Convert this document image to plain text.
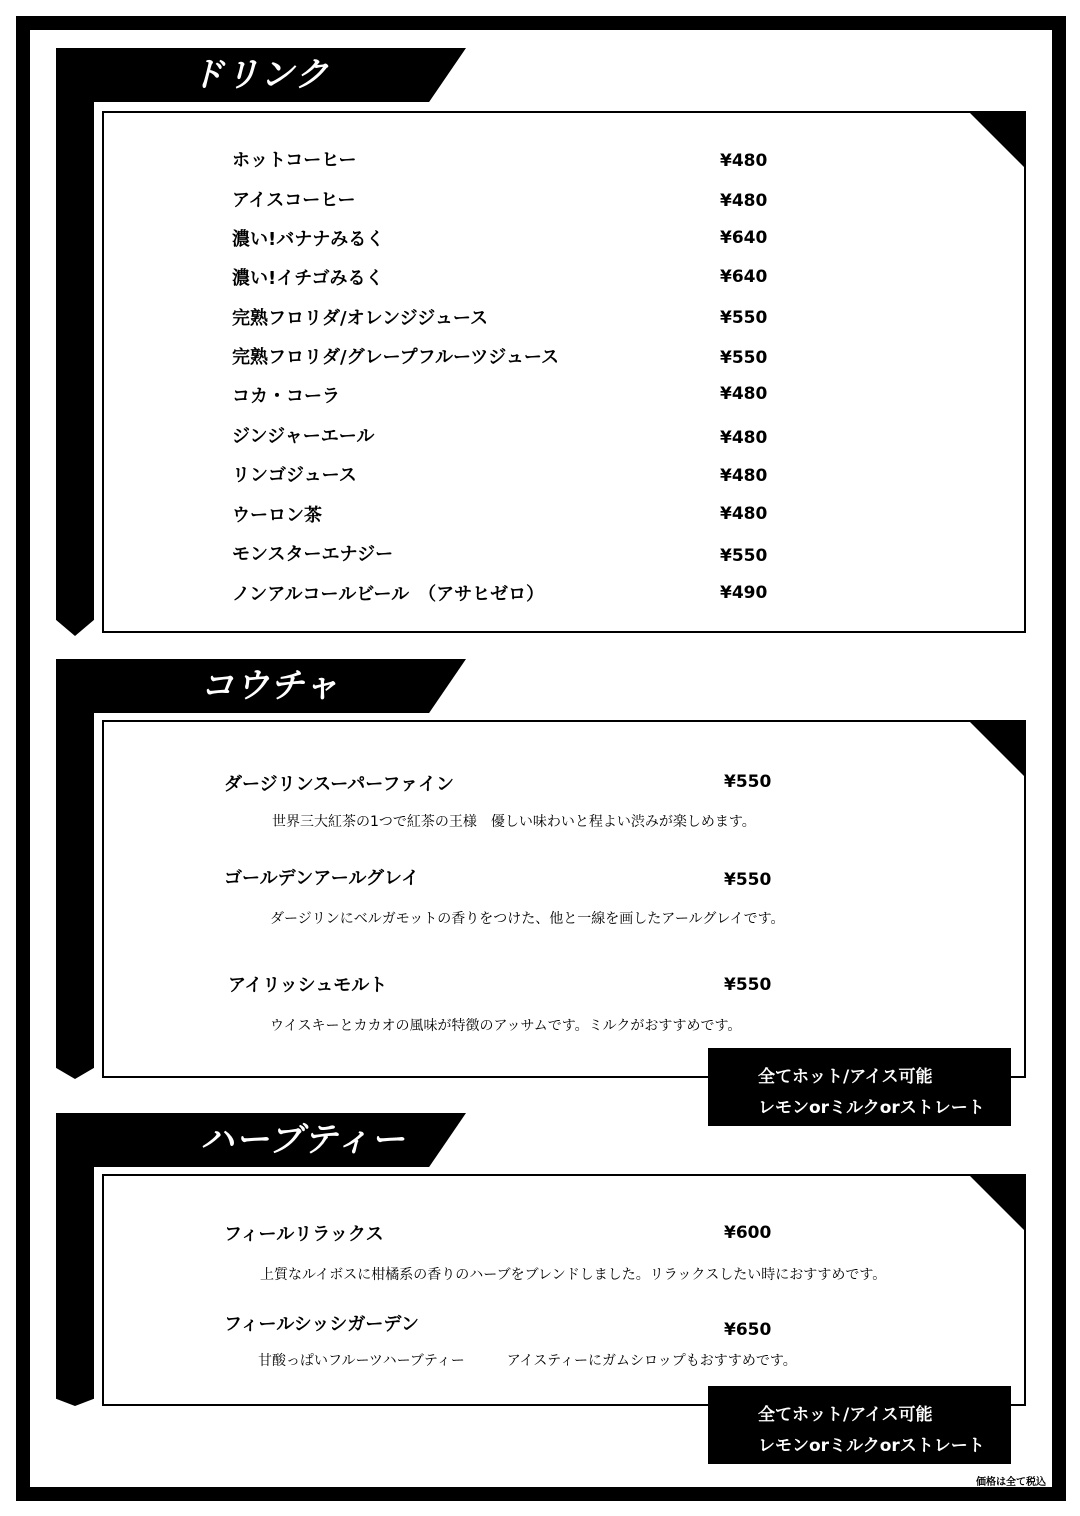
ドリンク
ホットコーヒー	¥480
アイスコーヒー	¥480
濃い!バナナみるく	¥640
濃い!イチゴみるく	¥640
完熟フロリダ/オレンジジュース	¥550
完熟フロリダ/グレープフルーツジュース	¥550
コカ・コーラ	¥480
ジンジャーエール	¥480
リンゴジュース	¥480
ウーロン茶	¥480
モンスターエナジー	¥550
ノンアルコールビール　（アサヒゼロ）	¥490
コウチャ
ダージリンスーパーファイン	¥550
世界三大紅茶の1つで紅茶の王様　優しい味わいと程よい渋みが楽しめます。
ゴールデンアールグレイ	¥550
ダージリンにベルガモットの香りをつけた、他と一線を画したアールグレイです。
アイリッシュモルト	¥550
ウイスキーとカカオの風味が特徴のアッサムです。ミルクがおすすめです。
全てホット/アイス可能
レモンorミルクorストレート
ハーブティー
フィールリラックス	¥600
上質なルイボスに柑橘系の香りのハーブをブレンドしました。リラックスしたい時におすすめです。
フィールシッシガーデン	¥650
甘酸っぱいフルーツハーブティー　　　アイスティーにガムシロップもおすすめです。
全てホット/アイス可能
レモンorミルクorストレート
価格は全て税込
